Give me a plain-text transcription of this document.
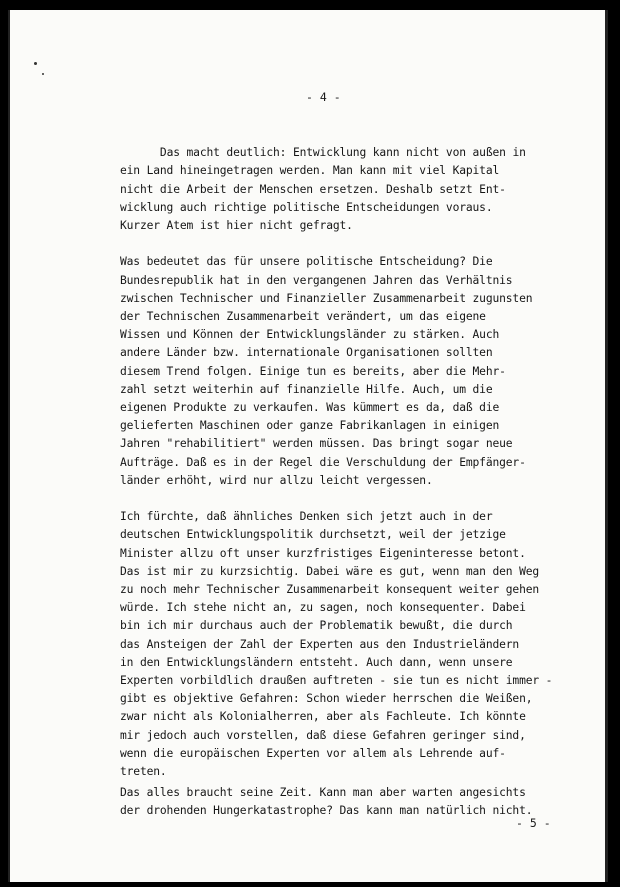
- 4 -

Das macht deutlich: Entwicklung kann nicht von außen in
ein Land hineingetragen werden. Man kann mit viel Kapital
nicht die Arbeit der Menschen ersetzen. Deshalb setzt Ent-
wicklung auch richtige politische Entscheidungen voraus.
Kurzer Atem ist hier nicht gefragt.

Was bedeutet das für unsere politische Entscheidung? Die
Bundesrepublik hat in den vergangenen Jahren das Verhältnis
zwischen Technischer und Finanzieller Zusammenarbeit zugunsten
der Technischen Zusammenarbeit verändert, um das eigene
Wissen und Können der Entwicklungsländer zu stärken. Auch
andere Länder bzw. internationale Organisationen sollten
diesem Trend folgen. Einige tun es bereits, aber die Mehr-
zahl setzt weiterhin auf finanzielle Hilfe. Auch, um die
eigenen Produkte zu verkaufen. Was kümmert es da, daß die
gelieferten Maschinen oder ganze Fabrikanlagen in einigen
Jahren "rehabilitiert" werden müssen. Das bringt sogar neue
Aufträge. Daß es in der Regel die Verschuldung der Empfänger-
länder erhöht, wird nur allzu leicht vergessen.

Ich fürchte, daß ähnliches Denken sich jetzt auch in der
deutschen Entwicklungspolitik durchsetzt, weil der jetzige
Minister allzu oft unser kurzfristiges Eigeninteresse betont.
Das ist mir zu kurzsichtig. Dabei wäre es gut, wenn man den Weg
zu noch mehr Technischer Zusammenarbeit konsequent weiter gehen
würde. Ich stehe nicht an, zu sagen, noch konsequenter. Dabei
bin ich mir durchaus auch der Problematik bewußt, die durch
das Ansteigen der Zahl der Experten aus den Industrieländern
in den Entwicklungsländern entsteht. Auch dann, wenn unsere
Experten vorbildlich draußen auftreten - sie tun es nicht immer -
gibt es objektive Gefahren: Schon wieder herrschen die Weißen,
zwar nicht als Kolonialherren, aber als Fachleute. Ich könnte
mir jedoch auch vorstellen, daß diese Gefahren geringer sind,
wenn die europäischen Experten vor allem als Lehrende auf-
treten.

Das alles braucht seine Zeit. Kann man aber warten angesichts
der drohenden Hungerkatastrophe? Das kann man natürlich nicht.

- 5 -
